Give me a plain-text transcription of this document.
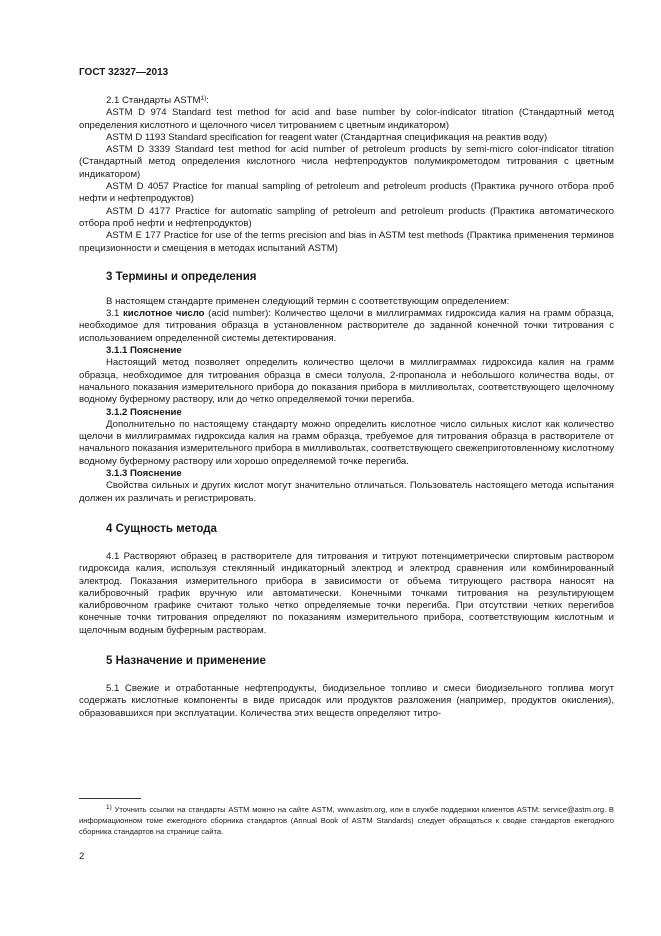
ГОСТ 32327—2013

2.1 Стандарты ASTM$^{1)}$:

ASTM D 974 Standard test method for acid and base number by color-indicator titration (Стандартный метод определения кислотного и щелочного чисел титрованием с цветным индикатором)

ASTM D 1193 Standard specification for reagent water (Стандартная спецификация на реактив воду)

ASTM D 3339 Standard test method for acid number of petroleum products by semi-micro color-indicator titration (Стандартный метод определения кислотного числа нефтепродуктов полумикрометодом титрования с цветным индикатором)

ASTM D 4057 Practice for manual sampling of petroleum and petroleum products (Практика ручного отбора проб нефти и нефтепродуктов)

ASTM D 4177 Practice for automatic sampling of petroleum and petroleum products (Практика автоматического отбора проб нефти и нефтепродуктов)

ASTM E 177 Practice for use of the terms precision and bias in ASTM test methods (Практика применения терминов прецизионности и смещения в методах испытаний ASTM)

3 Термины и определения

В настоящем стандарте применен следующий термин с соответствующим определением:

3.1 кислотное число (acid number): Количество щелочи в миллиграммах гидроксида калия на грамм образца, необходимое для титрования образца в установленном растворителе до заданной конечной точки титрования с использованием определенной системы детектирования.

3.1.1 Пояснение

Настоящий метод позволяет определить количество щелочи в миллиграммах гидроксида калия на грамм образца, необходимое для титрования образца в смеси толуола, 2-пропанола и небольшого количества воды, от начального показания измерительного прибора до показания прибора в милливольтах, соответствующего щелочному водному буферному раствору, или до четко определяемой точки перегиба.

3.1.2 Пояснение

Дополнительно по настоящему стандарту можно определить кислотное число сильных кислот как количество щелочи в миллиграммах гидроксида калия на грамм образца, требуемое для титрования образца в растворителе от начального показания измерительного прибора в милливольтах, соответствующего свежеприготовленному кислотному водному буферному раствору или хорошо определяемой точке перегиба.

3.1.3 Пояснение

Свойства сильных и других кислот могут значительно отличаться. Пользователь настоящего метода испытания должен их различать и регистрировать.

4 Сущность метода

4.1 Растворяют образец в растворителе для титрования и титруют потенциметрически спиртовым раствором гидроксида калия, используя стеклянный индикаторный электрод и электрод сравнения или комбинированный электрод. Показания измерительного прибора в зависимости от объема титрующего раствора наносят на калибровочный график вручную или автоматически. Конечными точками титрования на результирующем калибровочном графике считают только четко определяемые точки перегиба. При отсутствии четких перегибов конечные точки титрования определяют по показаниям измерительного прибора, соответствующим кислотным и щелочным водным буферным растворам.

5 Назначение и применение

5.1 Свежие и отработанные нефтепродукты, биодизельное топливо и смеси биодизельного топлива могут содержать кислотные компоненты в виде присадок или продуктов разложения (например, продуктов окисления), образовавшихся при эксплуатации. Количества этих веществ определяют титро-

$^{1)}$ Уточнить ссылки на стандарты ASTM можно на сайте ASTM, www.astm.org, или в службе поддержки клиентов ASTM: service@astm.org. В информационном томе ежегодного сборника стандартов (Annual Book of ASTM Standards) следует обращаться к сводке стандартов ежегодного сборника стандартов на странице сайта.

2
